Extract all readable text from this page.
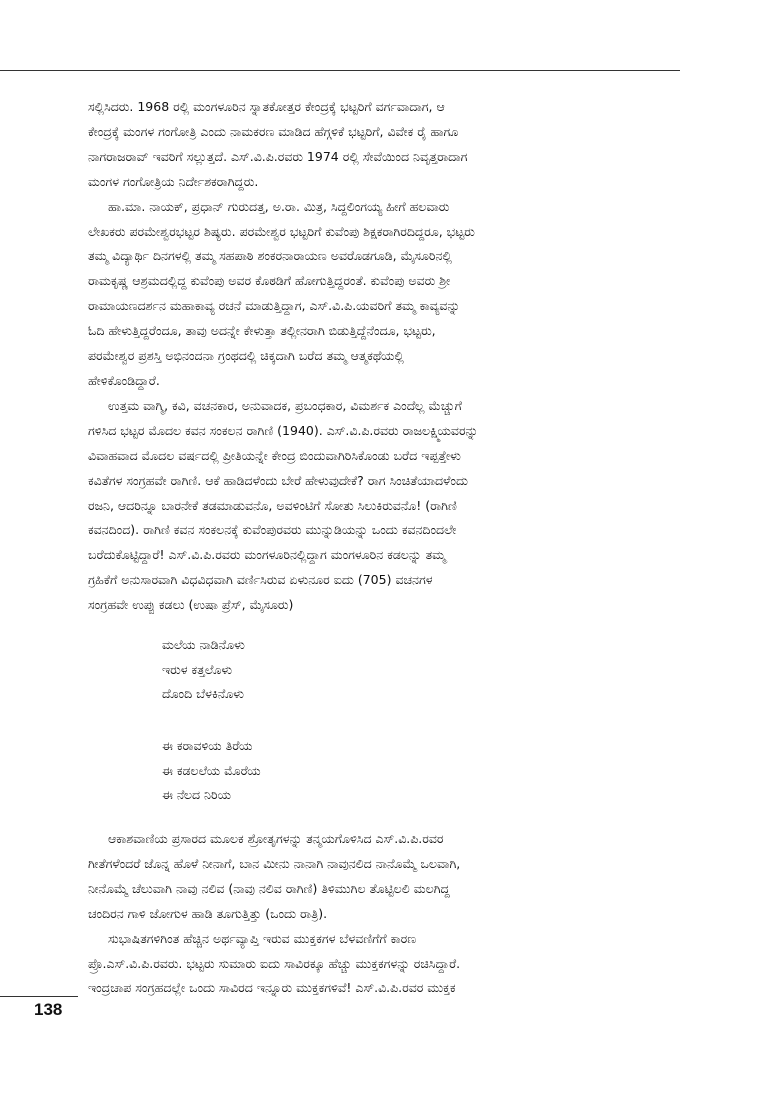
ಸಲ್ಲಿಸಿದರು. 1968 ರಲ್ಲಿ ಮಂಗಳೂರಿನ ಸ್ನಾತಕೋತ್ತರ ಕೇಂದ್ರಕ್ಕೆ ಭಟ್ಟರಿಗೆ ವರ್ಗವಾದಾಗ, ಆ
ಕೇಂದ್ರಕ್ಕೆ ಮಂಗಳ ಗಂಗೋತ್ರಿ ಎಂದು ನಾಮಕರಣ ಮಾಡಿದ ಹೆಗ್ಗಳಿಕೆ ಭಟ್ಟರಿಗೆ, ವಿವೇಕ ರೈ ಹಾಗೂ
ನಾಗರಾಜರಾವ್ ಇವರಿಗೆ ಸಲ್ಲುತ್ತದೆ. ಎಸ್.ವಿ.ಪಿ.ರವರು 1974 ರಲ್ಲಿ ಸೇವೆಯಿಂದ ನಿವೃತ್ತರಾದಾಗ
ಮಂಗಳ ಗಂಗೋತ್ರಿಯ ನಿರ್ದೇಶಕರಾಗಿದ್ದರು.
ಹಾ.ಮಾ. ನಾಯಕ್, ಪ್ರಧಾನ್ ಗುರುದತ್ತ, ಅ.ರಾ. ಮಿತ್ರ, ಸಿದ್ದಲಿಂಗಯ್ಯ ಹೀಗೆ ಹಲವಾರು
ಲೇಖಕರು ಪರಮೇಶ್ವರಭಟ್ಟರ ಶಿಷ್ಯರು. ಪರಮೇಶ್ವರ ಭಟ್ಟರಿಗೆ ಕುವೆಂಪು ಶಿಕ್ಷಕರಾಗಿರದಿದ್ದರೂ, ಭಟ್ಟರು
ತಮ್ಮ ವಿದ್ಯಾರ್ಥಿ ದಿನಗಳಲ್ಲಿ ತಮ್ಮ ಸಹಪಾಠಿ ಶಂಕರನಾರಾಯಣ ಅವರೊಡಗೂಡಿ, ಮೈಸೂರಿನಲ್ಲಿ
ರಾಮಕೃಷ್ಣ ಆಶ್ರಮದಲ್ಲಿದ್ದ ಕುವೆಂಪು ಅವರ ಕೊಠಡಿಗೆ ಹೋಗುತ್ತಿದ್ದರಂತೆ. ಕುವೆಂಪು ಅವರು ಶ್ರೀ
ರಾಮಾಯಣದರ್ಶನ ಮಹಾಕಾವ್ಯ ರಚನೆ ಮಾಡುತ್ತಿದ್ದಾಗ, ಎಸ್.ವಿ.ಪಿ.ಯವರಿಗೆ ತಮ್ಮ ಕಾವ್ಯವನ್ನು
ಓದಿ ಹೇಳುತ್ತಿದ್ದರೆಂದೂ, ತಾವು ಅದನ್ನೇ ಕೇಳುತ್ತಾ ತಲ್ಲೀನರಾಗಿ ಬಿಡುತ್ತಿದ್ದೆನೆಂದೂ, ಭಟ್ಟರು,
ಪರಮೇಶ್ವರ ಪ್ರಶಸ್ತಿ ಅಭಿನಂದನಾ ಗ್ರಂಥದಲ್ಲಿ ಚಿಕ್ಕದಾಗಿ ಬರೆದ ತಮ್ಮ ಆತ್ಮಕಥೆಯಲ್ಲಿ
ಹೇಳಿಕೊಂಡಿದ್ದಾರೆ.
ಉತ್ತಮ ವಾಗ್ಮಿ, ಕವಿ, ವಚನಕಾರ, ಅನುವಾದಕ, ಪ್ರಬಂಧಕಾರ, ವಿಮರ್ಶಕ ಎಂದೆಲ್ಲ ಮೆಚ್ಚುಗೆ
ಗಳಿಸಿದ ಭಟ್ಟರ ಮೊದಲ ಕವನ ಸಂಕಲನ ರಾಗಿಣಿ (1940). ಎಸ್.ವಿ.ಪಿ.ರವರು ರಾಜಲಕ್ಷ್ಮಿಯವರನ್ನು
ವಿವಾಹವಾದ ಮೊದಲ ವರ್ಷದಲ್ಲಿ ಪ್ರೀತಿಯನ್ನೇ ಕೇಂದ್ರ ಬಿಂದುವಾಗಿರಿಸಿಕೊಂಡು ಬರೆದ ಇಪ್ಪತ್ತೇಳು
ಕವಿತೆಗಳ ಸಂಗ್ರಹವೇ ರಾಗಿಣಿ. ಆಕೆ ಹಾಡಿದಳೆಂದು ಬೇರೆ ಹೇಳುವುದೇಕೆ? ರಾಗ ಸಿಂಚಿತೆಯಾದಳೆಂದು
ರಜನಿ, ಆದರಿನ್ನೂ ಬಾರನೇಕೆ ತಡಮಾಡುವನೊ, ಅವಳಿಂಟಿಗೆ ಸೋತು ಸಿಲುಕಿರುವನೊ! (ರಾಗಿಣಿ
ಕವನದಿಂದ). ರಾಗಿಣಿ ಕವನ ಸಂಕಲನಕ್ಕೆ ಕುವೆಂಪುರವರು ಮುನ್ನುಡಿಯನ್ನು ಒಂದು ಕವನದಿಂದಲೇ
ಬರೆದುಕೊಟ್ಟಿದ್ದಾರೆ! ಎಸ್.ವಿ.ಪಿ.ರವರು ಮಂಗಳೂರಿನಲ್ಲಿದ್ದಾಗ ಮಂಗಳೂರಿನ ಕಡಲನ್ನು ತಮ್ಮ
ಗ್ರಹಿಕೆಗೆ ಅನುಸಾರವಾಗಿ ವಿಧವಿಧವಾಗಿ ವರ್ಣಿಸಿರುವ ಏಳುನೂರ ಐದು (705) ವಚನಗಳ
ಸಂಗ್ರಹವೇ ಉಪ್ಪು ಕಡಲು (ಉಷಾ ಪ್ರೆಸ್, ಮೈಸೂರು)
ಮಲೆಯ ನಾಡಿನೊಳು
ಇರುಳ ಕತ್ತಲೊಳು
ದೊಂದಿ ಬೆಳಕಿನೊಳು
ಈ ಕರಾವಳಿಯ ತಿರೆಯ
ಈ ಕಡಲಲೆಯ ಮೊರೆಯ
ಈ ನೆಲದ ನಿರಿಯ
ಆಕಾಶವಾಣಿಯ ಪ್ರಸಾರದ ಮೂಲಕ ಶ್ರೋತೃಗಳನ್ನು ತನ್ಮಯಗೊಳಿಸಿದ ಎಸ್.ವಿ.ಪಿ.ರವರ
ಗೀತೆಗಳೆಂದರೆ ಜೊನ್ನ ಹೊಳೆ ನೀನಾಗೆ, ಬಾನ ಮೀನು ನಾನಾಗಿ ನಾವುನಲಿದ ನಾನೊಮ್ಮೆ ಒಲವಾಗಿ,
ನೀನೊಮ್ಮೆ ಚೆಲುವಾಗಿ ನಾವು ನಲಿವ (ನಾವು ನಲಿವ ರಾಗಿಣಿ) ತಿಳಿಮುಗಿಲ ತೊಟ್ಟಿಲಲಿ ಮಲಗಿದ್ದ
ಚಂದಿರನ ಗಾಳಿ ಜೋಗುಳ ಹಾಡಿ ತೂಗುತ್ತಿತ್ತು (ಒಂದು ರಾತ್ರಿ).
ಸುಭಾಷಿತಗಳಿಗಿಂತ ಹೆಚ್ಚಿನ ಅರ್ಥವ್ಯಾಪ್ತಿ ಇರುವ ಮುಕ್ತಕಗಳ ಬೆಳವಣಿಗೆಗೆ ಕಾರಣ
ಪ್ರೊ.ಎಸ್.ವಿ.ಪಿ.ರವರು. ಭಟ್ಟರು ಸುಮಾರು ಐದು ಸಾವಿರಕ್ಕೂ ಹೆಚ್ಚು ಮುಕ್ತಕಗಳನ್ನು ರಚಿಸಿದ್ದಾರೆ.
ಇಂದ್ರಚಾಪ ಸಂಗ್ರಹದಲ್ಲೇ ಒಂದು ಸಾವಿರದ ಇನ್ನೂರು ಮುಕ್ತಕಗಳಿವೆ! ಎಸ್.ವಿ.ಪಿ.ರವರ ಮುಕ್ತಕ
138
